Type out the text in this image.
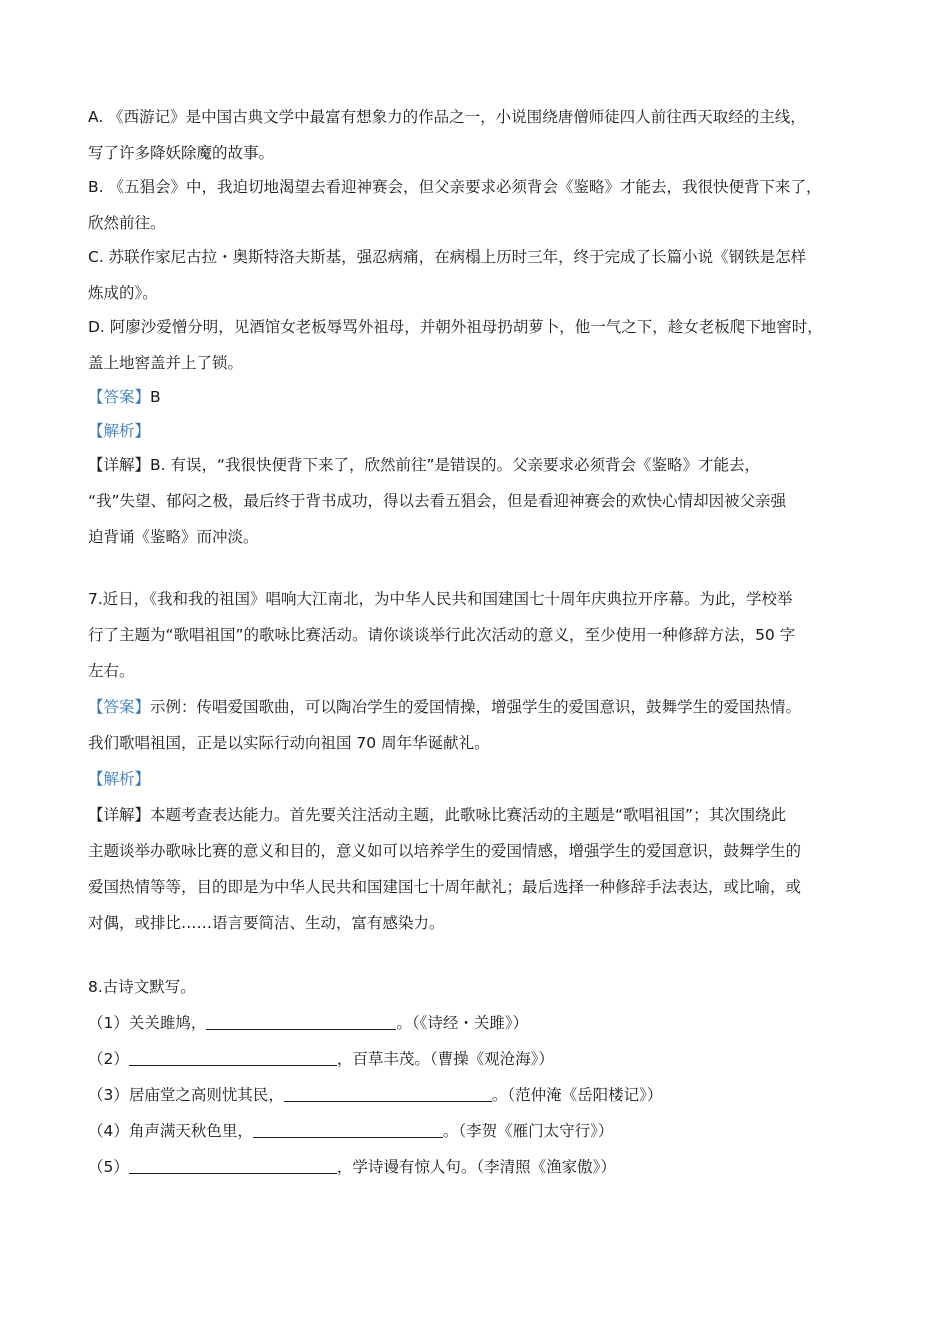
A. 《西游记》是中国古典文学中最富有想象力的作品之一，小说围绕唐僧师徒四人前往西天取经的主线，

写了许多降妖除魔的故事。

B. 《五猖会》中，我迫切地渴望去看迎神赛会，但父亲要求必须背会《鉴略》才能去，我很快便背下来了，

欣然前往。

C. 苏联作家尼古拉・奥斯特洛夫斯基，强忍病痛，在病榻上历时三年，终于完成了长篇小说《钢铁是怎样

炼成的》。

D. 阿廖沙爱憎分明，见酒馆女老板辱骂外祖母，并朝外祖母扔胡萝卜，他一气之下，趁女老板爬下地窖时，

盖上地窖盖并上了锁。

【答案】B

【解析】

【详解】B. 有误，“我很快便背下来了，欣然前往”是错误的。父亲要求必须背会《鉴略》才能去，
“我”失望、郁闷之极，最后终于背书成功，得以去看五猖会，但是看迎神赛会的欢快心情却因被父亲强
迫背诵《鉴略》而冲淡。
7.近日，《我和我的祖国》唱响大江南北，为中华人民共和国建国七十周年庆典拉开序幕。为此，学校举
行了主题为“歌唱祖国”的歌咏比赛活动。请你谈谈举行此次活动的意义，至少使用一种修辞方法，50 字
左右。
【答案】示例：传唱爱国歌曲，可以陶冶学生的爱国情操，增强学生的爱国意识，鼓舞学生的爱国热情。
我们歌唱祖国，正是以实际行动向祖国 70 周年华诞献礼。
【解析】
【详解】本题考查表达能力。首先要关注活动主题，此歌咏比赛活动的主题是“歌唱祖国”；其次围绕此
主题谈举办歌咏比赛的意义和目的，意义如可以培养学生的爱国情感，增强学生的爱国意识，鼓舞学生的
爱国热情等等，目的即是为中华人民共和国建国七十周年献礼；最后选择一种修辞手法表达，或比喻，或
对偶，或排比……语言要简洁、生动，富有感染力。
8.古诗文默写。
（1）关关雎鸠，	。（《诗经・关雎》）
（2）	，百草丰茂。（曹操《观沧海》）
（3）居庙堂之高则忧其民，	。（范仲淹《岳阳楼记》）
（4）角声满天秋色里，	。（李贺《雁门太守行》）
（5）	，学诗谩有惊人句。（李清照《渔家傲》）
